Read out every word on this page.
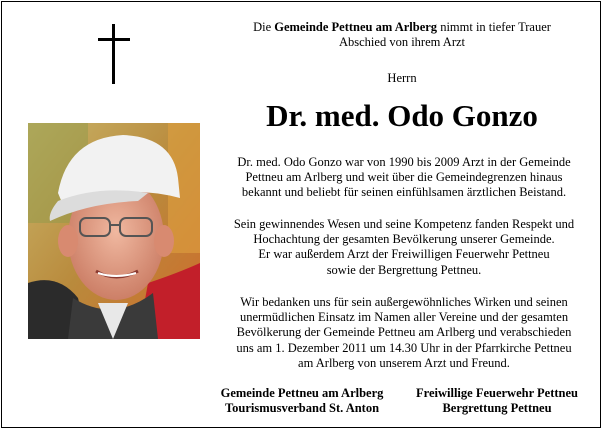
Die Gemeinde Pettneu am Arlberg nimmt in tiefer Trauer
Abschied von ihrem Arzt
Herrn
Dr. med. Odo Gonzo
Dr. med. Odo Gonzo war von 1990 bis 2009 Arzt in der Gemeinde
Pettneu am Arlberg und weit über die Gemeindegrenzen hinaus
bekannt und beliebt für seinen einfühlsamen ärztlichen Beistand.
Sein gewinnendes Wesen und seine Kompetenz fanden Respekt und
Hochachtung der gesamten Bevölkerung unserer Gemeinde.
Er war außerdem Arzt der Freiwilligen Feuerwehr Pettneu
sowie der Bergrettung Pettneu.
Wir bedanken uns für sein außergewöhnliches Wirken und seinen
unermüdlichen Einsatz im Namen aller Vereine und der gesamten
Bevölkerung der Gemeinde Pettneu am Arlberg und verabschieden
uns am 1. Dezember 2011 um 14.30 Uhr in der Pfarrkirche Pettneu
am Arlberg von unserem Arzt und Freund.
Gemeinde Pettneu am Arlberg
Tourismusverband St. Anton
Freiwillige Feuerwehr Pettneu
Bergrettung Pettneu
